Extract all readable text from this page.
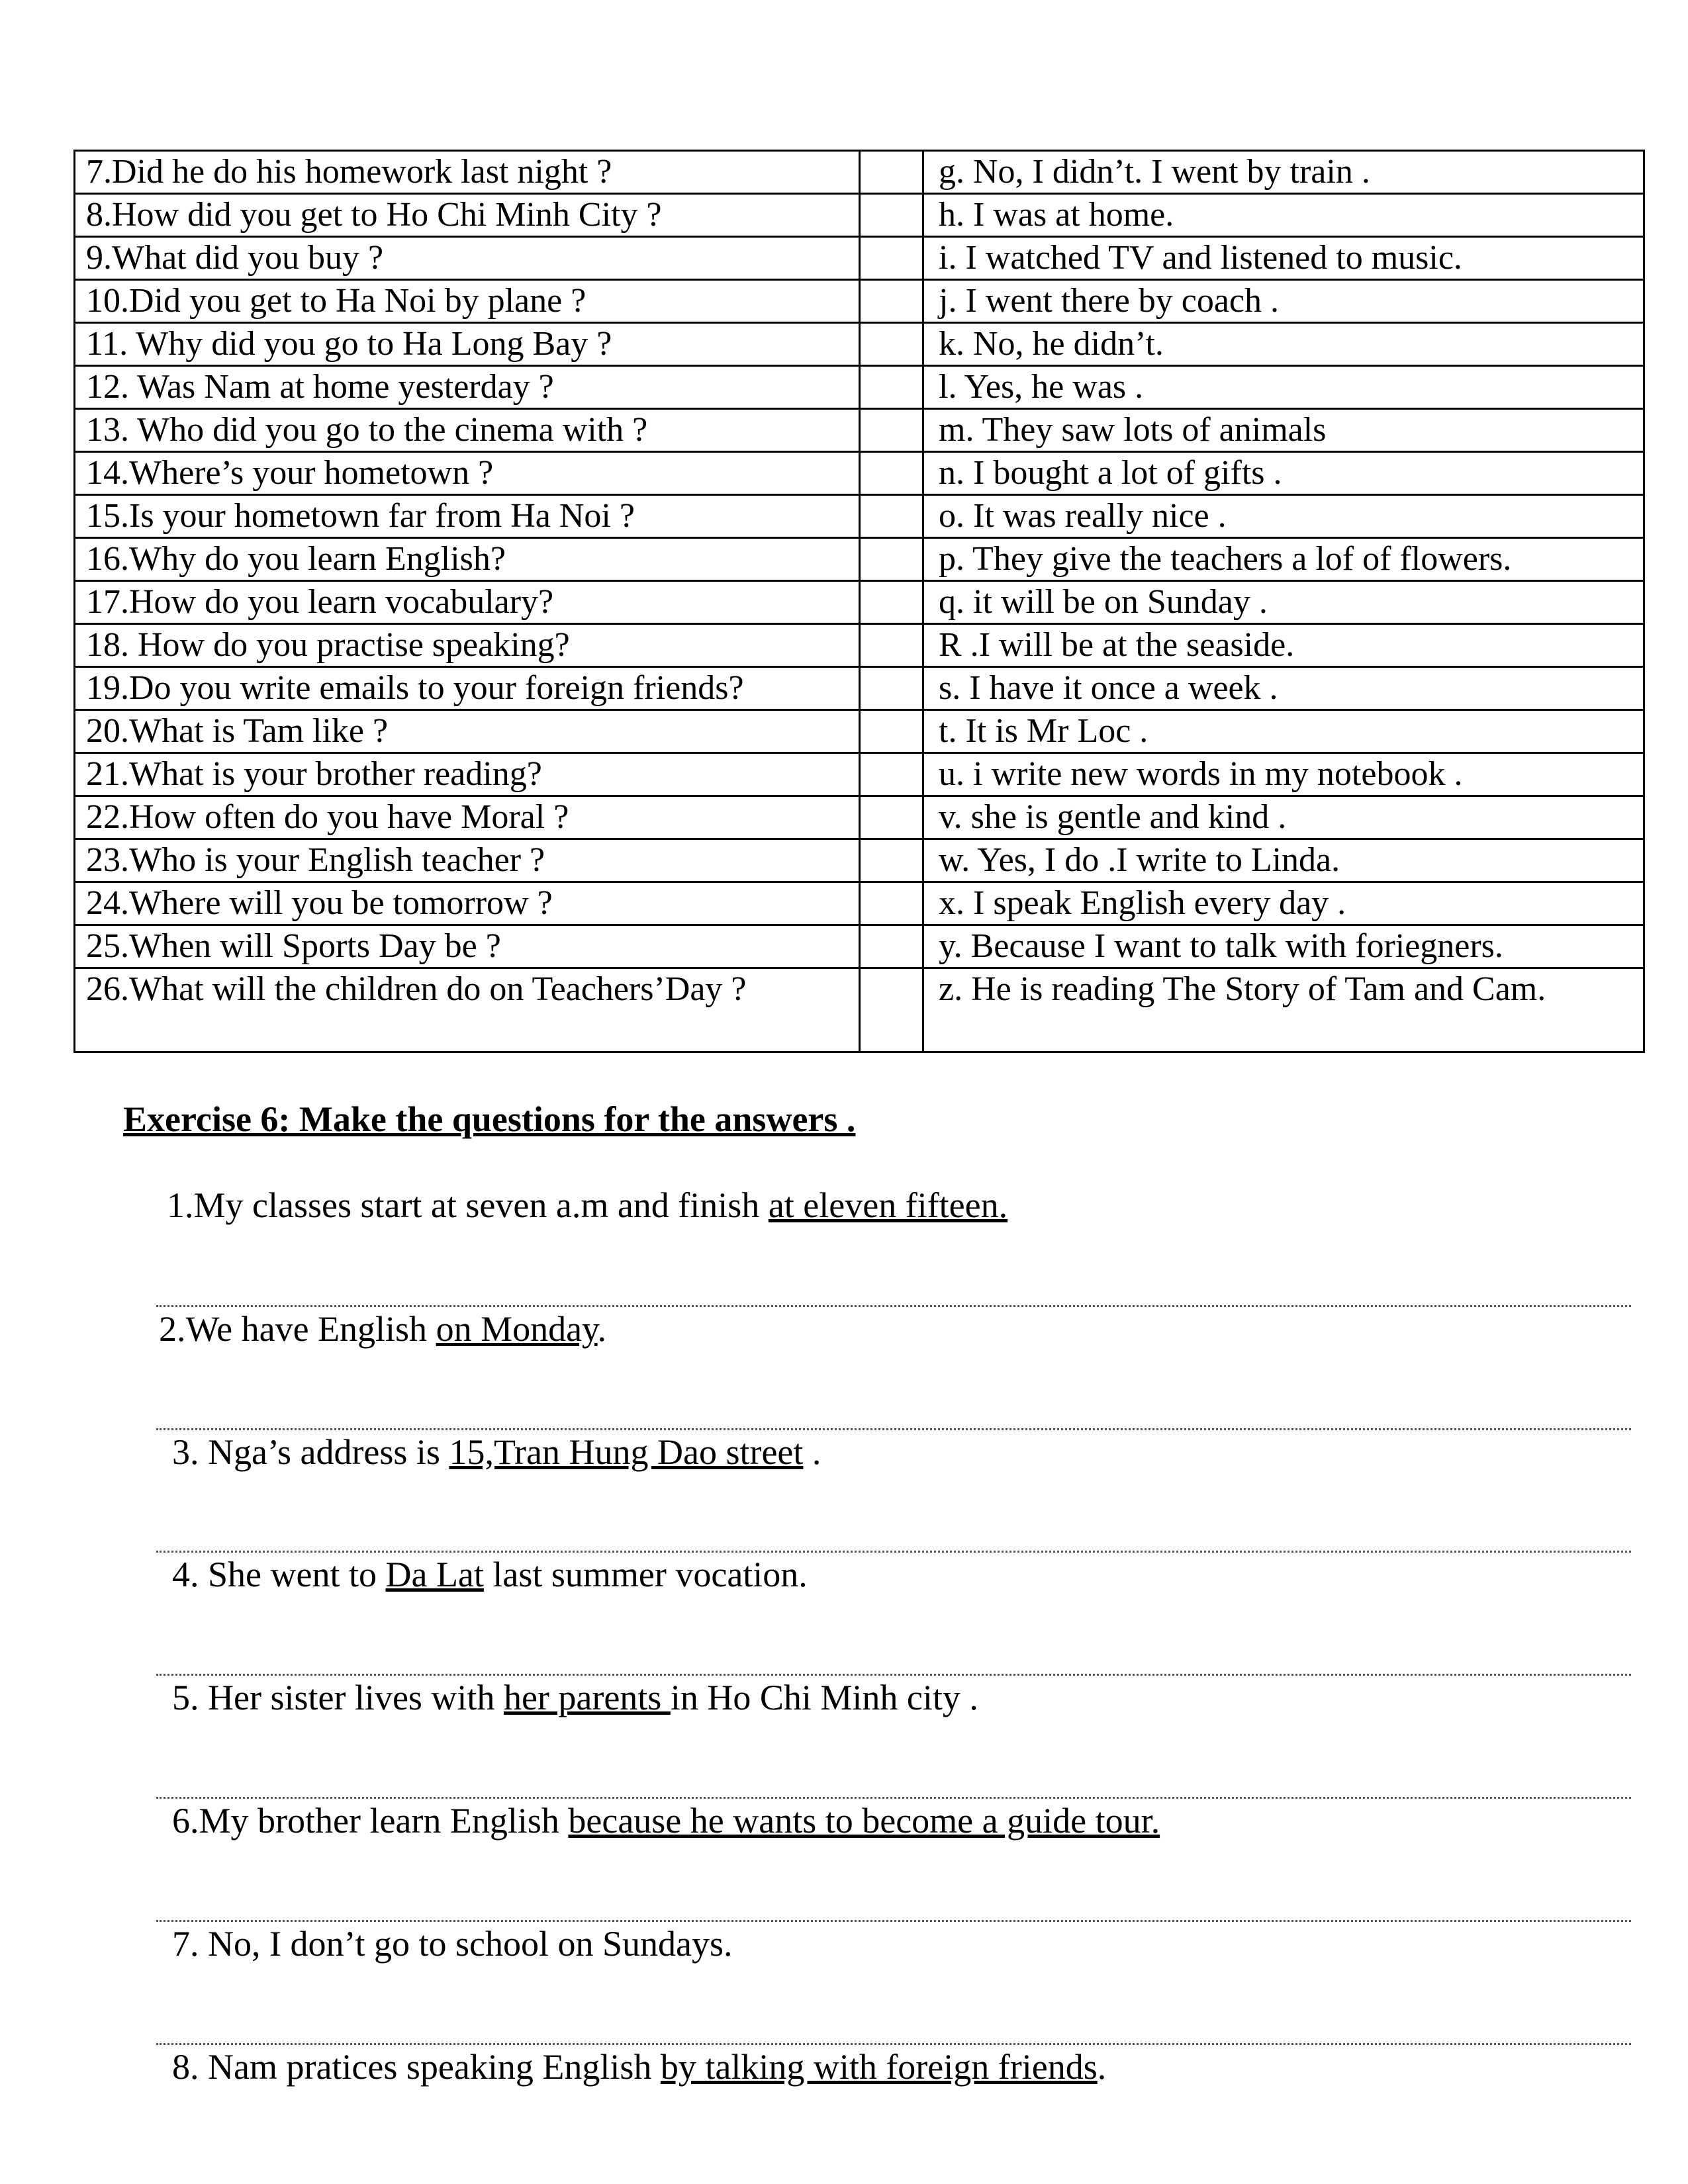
7.Did he do his homework last night ?		g. No, I didn’t. I went by train .
8.How did you get to Ho Chi Minh City ?		h. I was at home.
9.What did you buy ?		i. I watched TV and listened to music.
10.Did you get to Ha Noi by plane ?		j. I went there by coach .
11. Why did you go to Ha Long Bay ?		k. No, he didn’t.
12. Was Nam at home yesterday ?		l. Yes, he was .
13. Who did you go to the cinema with ?		m. They saw lots of animals
14.Where’s your hometown ?		n. I bought a lot of gifts .
15.Is your hometown far from Ha Noi ?		o. It was really nice .
16.Why do you learn English?		p. They give the teachers a lof of flowers.
17.How do you learn vocabulary?		q. it will be on Sunday .
18. How do you practise speaking?		R .I will be at the seaside.
19.Do you write emails to your foreign friends?		s. I have it once a week .
20.What is Tam like ?		t. It is Mr Loc .
21.What is your brother reading?		u. i write new words in my notebook .
22.How often do you have Moral ?		v. she is gentle and kind .
23.Who is your English teacher ?		w. Yes, I do .I write to Linda.
24.Where will you be tomorrow ?		x. I speak English every day .
25.When will Sports Day be ?		y. Because I want to talk with foriegners.
26.What will the children do on Teachers’Day ?		z. He is reading The Story of Tam and Cam.
Exercise 6: Make the questions for the answers .
1.My classes start at seven a.m and finish at eleven fifteen.
2.We have English on Monday.
3. Nga’s address is 15,Tran Hung Dao street .
4. She went to Da Lat last summer vocation.
5. Her sister lives with her parents in Ho Chi Minh city .
6.My brother learn English because he wants to become a guide tour.
7. No, I don’t go to school on Sundays.
8. Nam pratices speaking English by talking with foreign friends.
